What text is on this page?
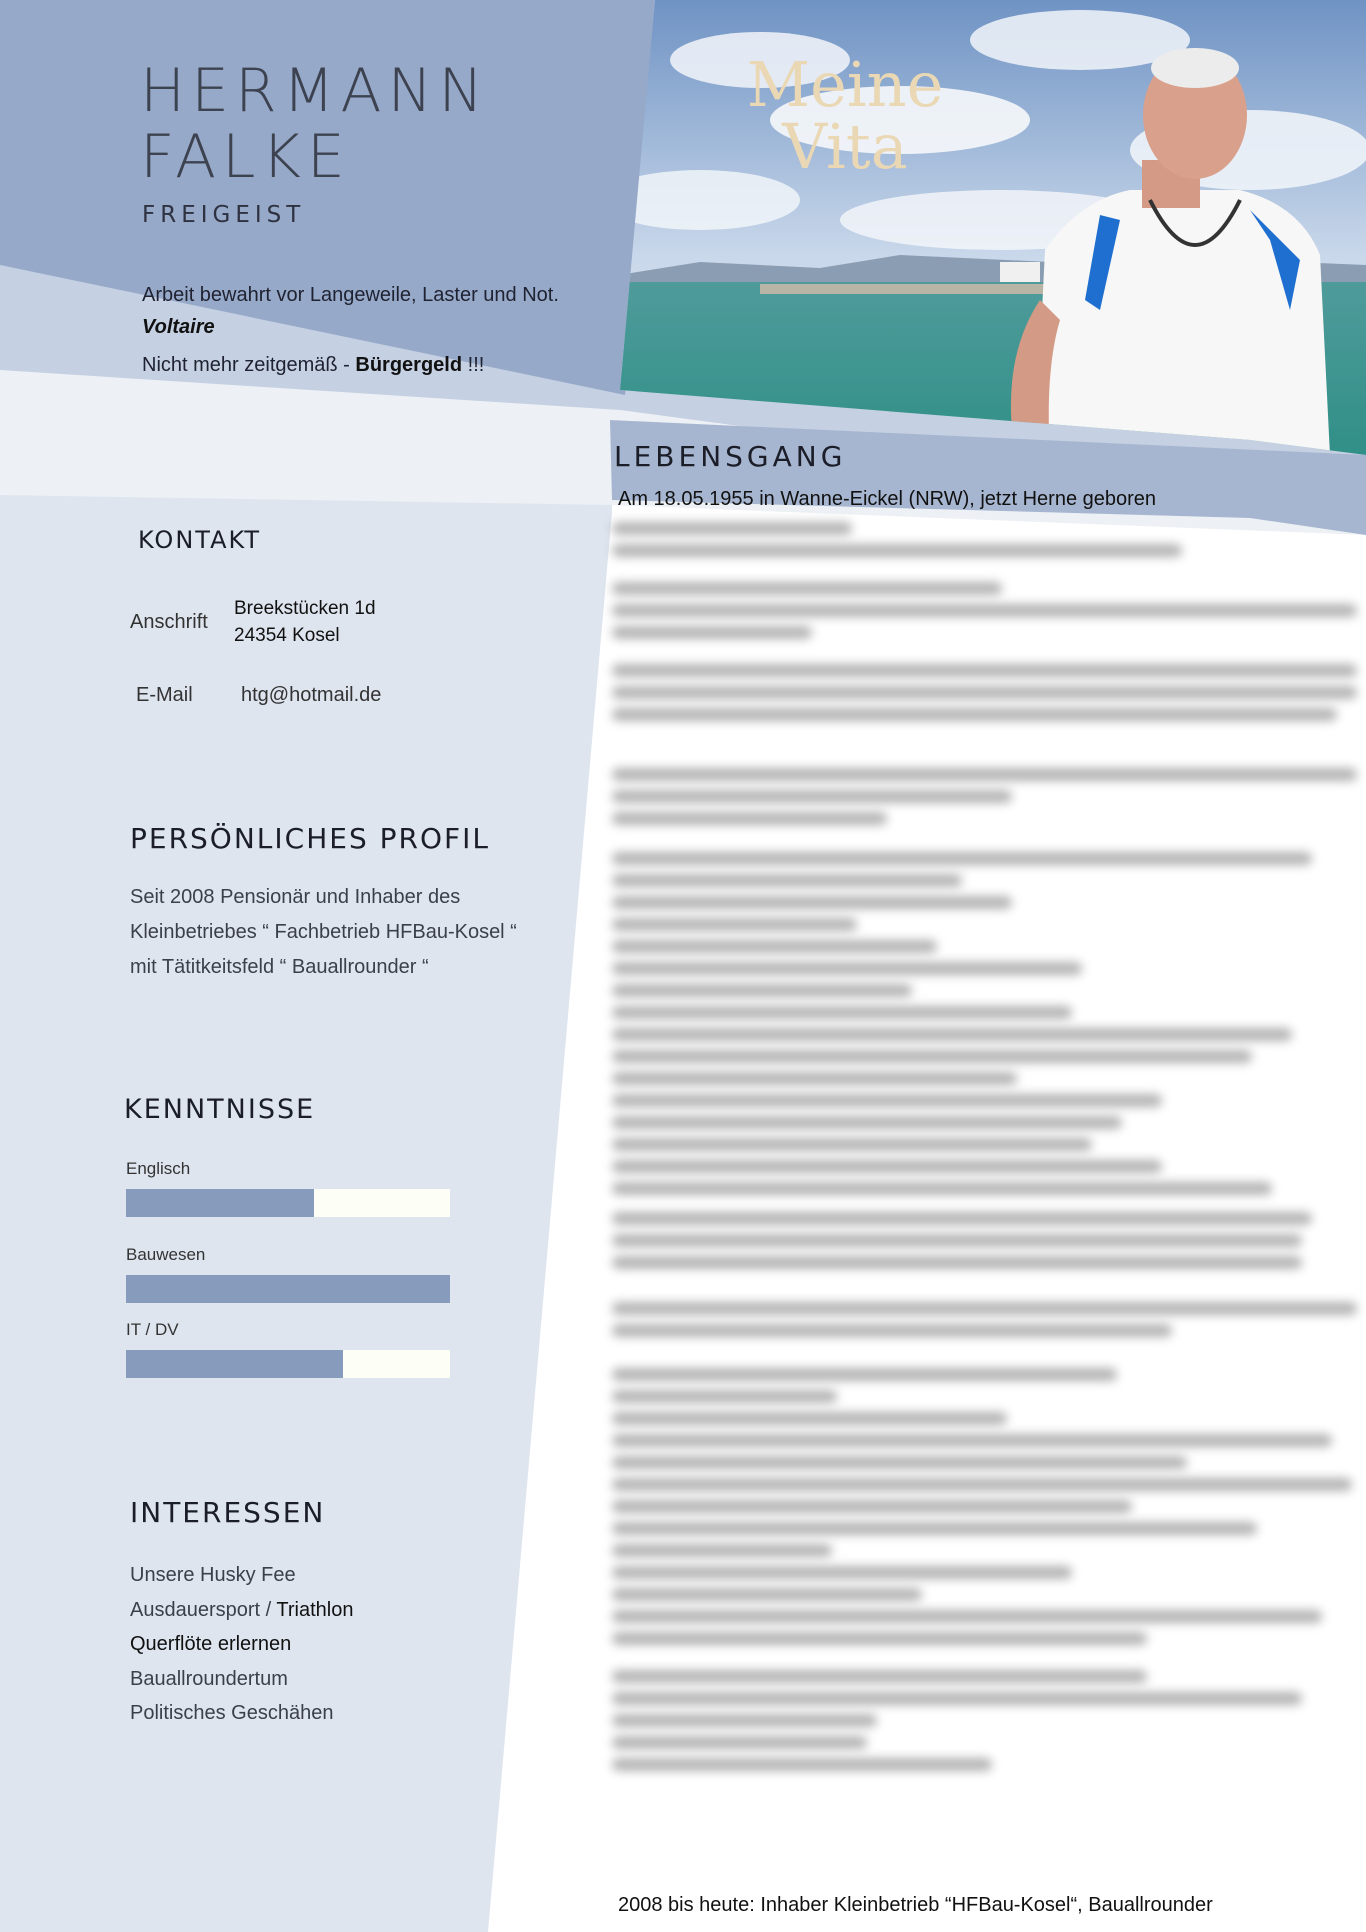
HERMANN
FALKE
FREIGEIST
Arbeit bewahrt vor Langeweile, Laster und Not.
Voltaire
Nicht mehr zeitgemäß - Bürgergeld !!!
Meine
Vita
LEBENSGANG
Am 18.05.1955 in Wanne-Eickel (NRW), jetzt Herne geboren
2008 bis heute: Inhaber Kleinbetrieb “HFBau-Kosel“, Bauallrounder
KONTAKT
Anschrift
Breekstücken 1d
24354 Kosel
E-Mail htg@hotmail.de
PERSÖNLICHES PROFIL
Seit 2008 Pensionär und Inhaber des
Kleinbetriebes “ Fachbetrieb HFBau-Kosel “
mit Tätitkeitsfeld “ Bauallrounder “
KENNTNISSE
Englisch
Bauwesen
IT / DV
INTERESSEN
Unsere Husky Fee
Ausdauersport / Triathlon
Querflöte erlernen
Bauallroundertum
Politisches Geschähen
